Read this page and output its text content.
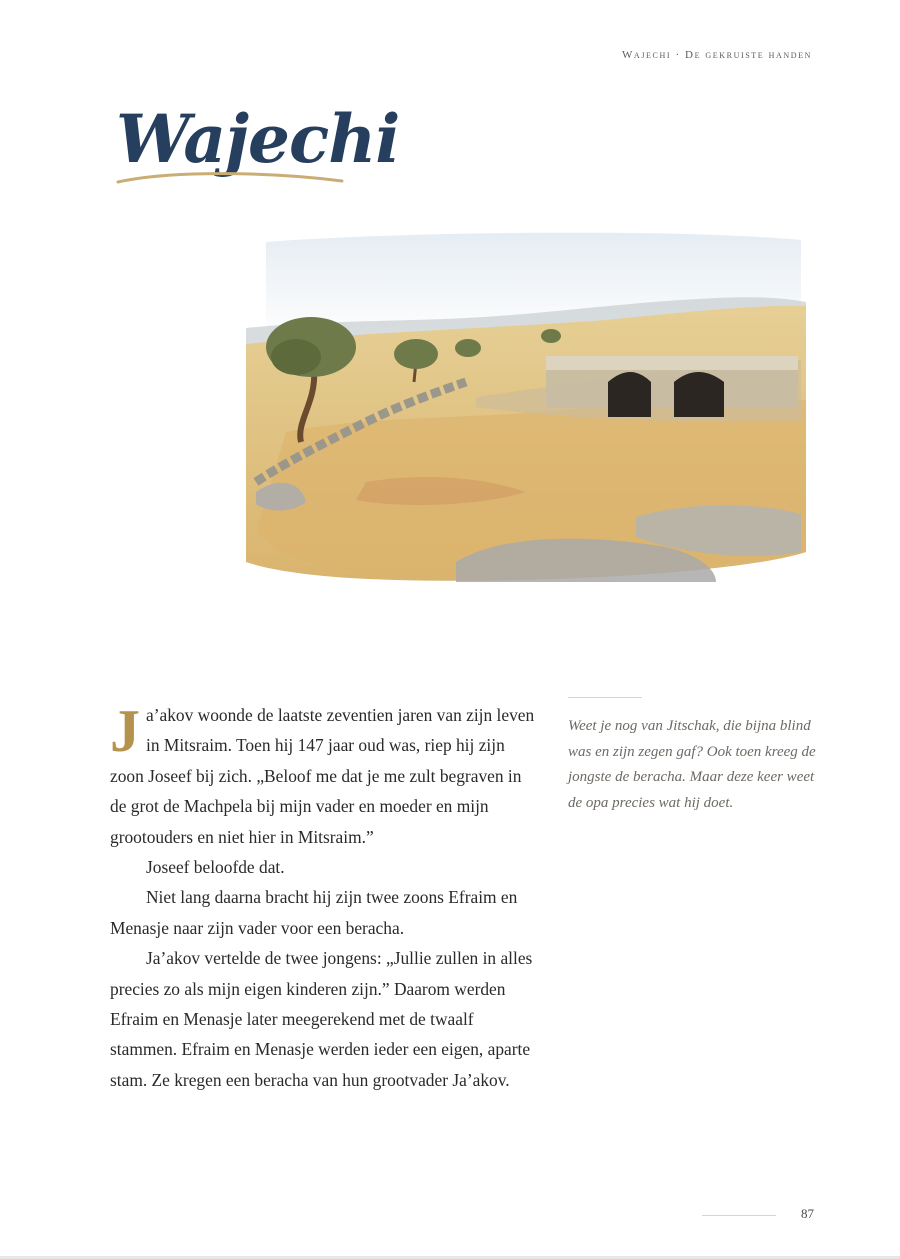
Wajechi · De gekruiste handen
Wajechi

Ja’akov woonde de laatste zeventien jaren van zijn leven in Mitsraim. Toen hij 147 jaar oud was, riep hij zijn zoon Joseef bij zich. „Beloof me dat je me zult begraven in de grot de Machpela bij mijn vader en moeder en mijn grootouders en niet hier in Mitsraim.”

Joseef beloofde dat.

Niet lang daarna bracht hij zijn twee zoons Efraim en Menasje naar zijn vader voor een beracha.

Ja’akov vertelde de twee jongens: „Jullie zullen in alles precies zo als mijn eigen kinderen zijn.” Daarom werden Efraim en Menasje later meegerekend met de twaalf stammen. Efraim en Menasje werden ieder een eigen, aparte stam. Ze kregen een beracha van hun grootvader Ja’akov.

Weet je nog van Jitschak, die bijna blind was en zijn zegen gaf? Ook toen kreeg de jongste de beracha. Maar deze keer weet de opa precies wat hij doet.

87
